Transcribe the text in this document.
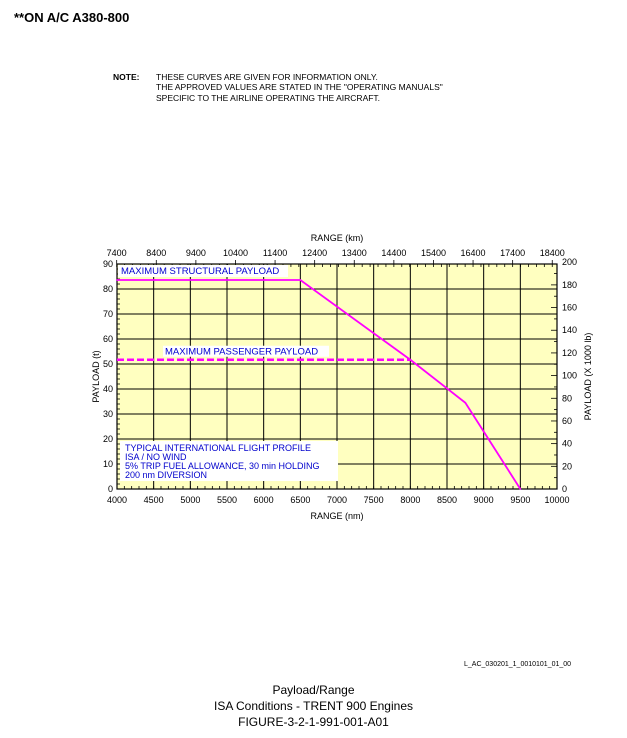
**ON A/C A380-800
NOTE: THESE CURVES ARE GIVEN FOR INFORMATION ONLY.
THE APPROVED VALUES ARE STATED IN THE "OPERATING MANUALS"
SPECIFIC TO THE AIRLINE OPERATING THE AIRCRAFT.
4000 4500 5000 5500 6000 6500 7000 7500 8000 8500 9000 9500 10000
0
10
20
30
40
50
60
70
80
90
7400 8400 9400 10400 11400 12400 13400 14400 15400 16400 17400 18400
0
20
40
60
80
100
120
140
160
180
200
RANGE (nm)
RANGE (km)
PAYLOAD (t)	PAYLOAD (X 1000 lb)
MAXIMUM PASSENGER PAYLOAD
MAXIMUM STRUCTURAL PAYLOAD
TYPICAL INTERNATIONAL FLIGHT PROFILE
ISA / NO WIND
5% TRIP FUEL ALLOWANCE, 30 min HOLDING
200 nm DIVERSION
L_AC_030201_1_0010101_01_00
Payload/Range
ISA Conditions - TRENT 900 Engines
FIGURE-3-2-1-991-001-A01
